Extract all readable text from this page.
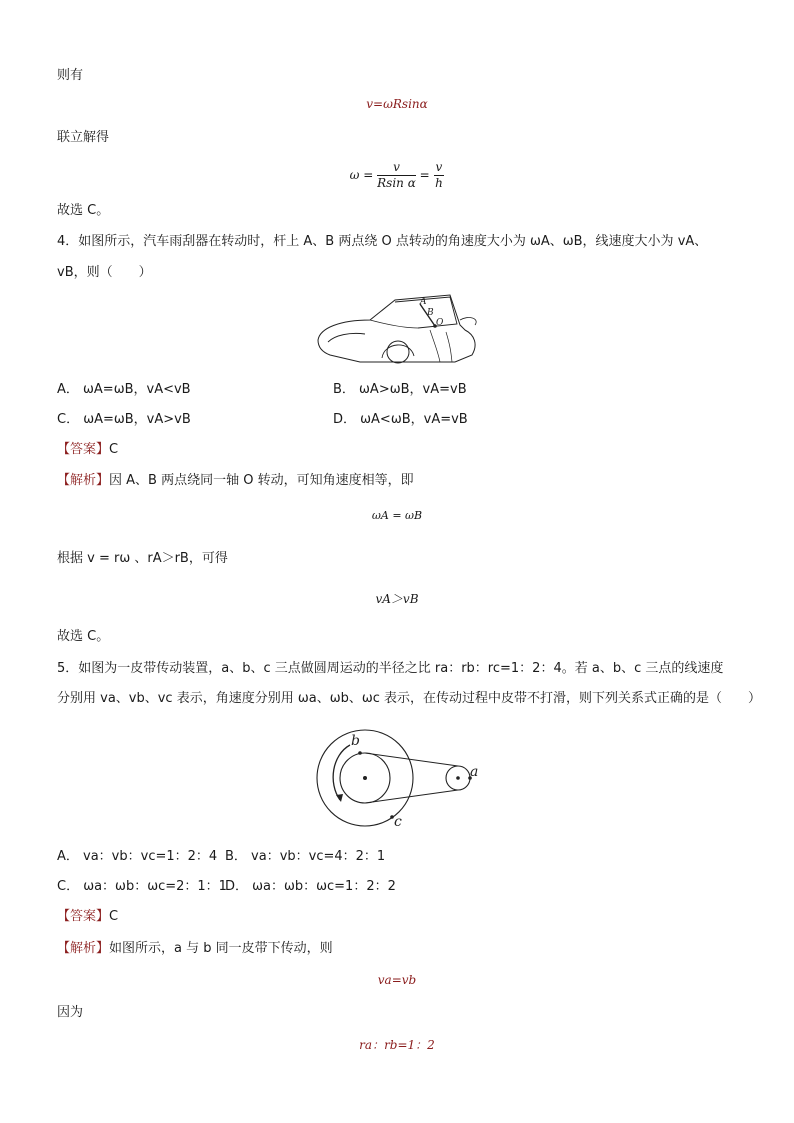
则有
v=ωRsinα
联立解得
$\omega = \frac{v}{\text{Rsin α}} = \frac{v}{h}$
故选 C。
4．如图所示，汽车雨刮器在转动时，杆上 A、B 两点绕 O 点转动的角速度大小为 ωA、ωB，线速度大小为 vA、
vB，则（　　）
A
B
O
A． ωA=ωB，vA<vB	B． ωA>ωB，vA=vB
C． ωA=ωB，vA>vB	D． ωA<ωB，vA=vB
【答案】C
【解析】因 A、B 两点绕同一轴 O 转动，可知角速度相等，即
ωA = ωB
根据 v = rω 、rA＞rB，可得
vA＞vB
故选 C。
5．如图为一皮带传动装置，a、b、c 三点做圆周运动的半径之比 ra：rb：rc=1：2：4。若 a、b、c 三点的线速度
分别用 va、vb、vc 表示，角速度分别用 ωa、ωb、ωc 表示，在传动过程中皮带不打滑，则下列关系式正确的是（　　）
b
a
c
A． va：vb：vc=1：2：4 B． va：vb：vc=4：2：1
C． ωa：ωb：ωc=2：1：1
D． ωa：ωb：ωc=1：2：2
【答案】C
【解析】如图所示，a 与 b 同一皮带下传动，则
va=vb
因为
ra：rb=1：2
